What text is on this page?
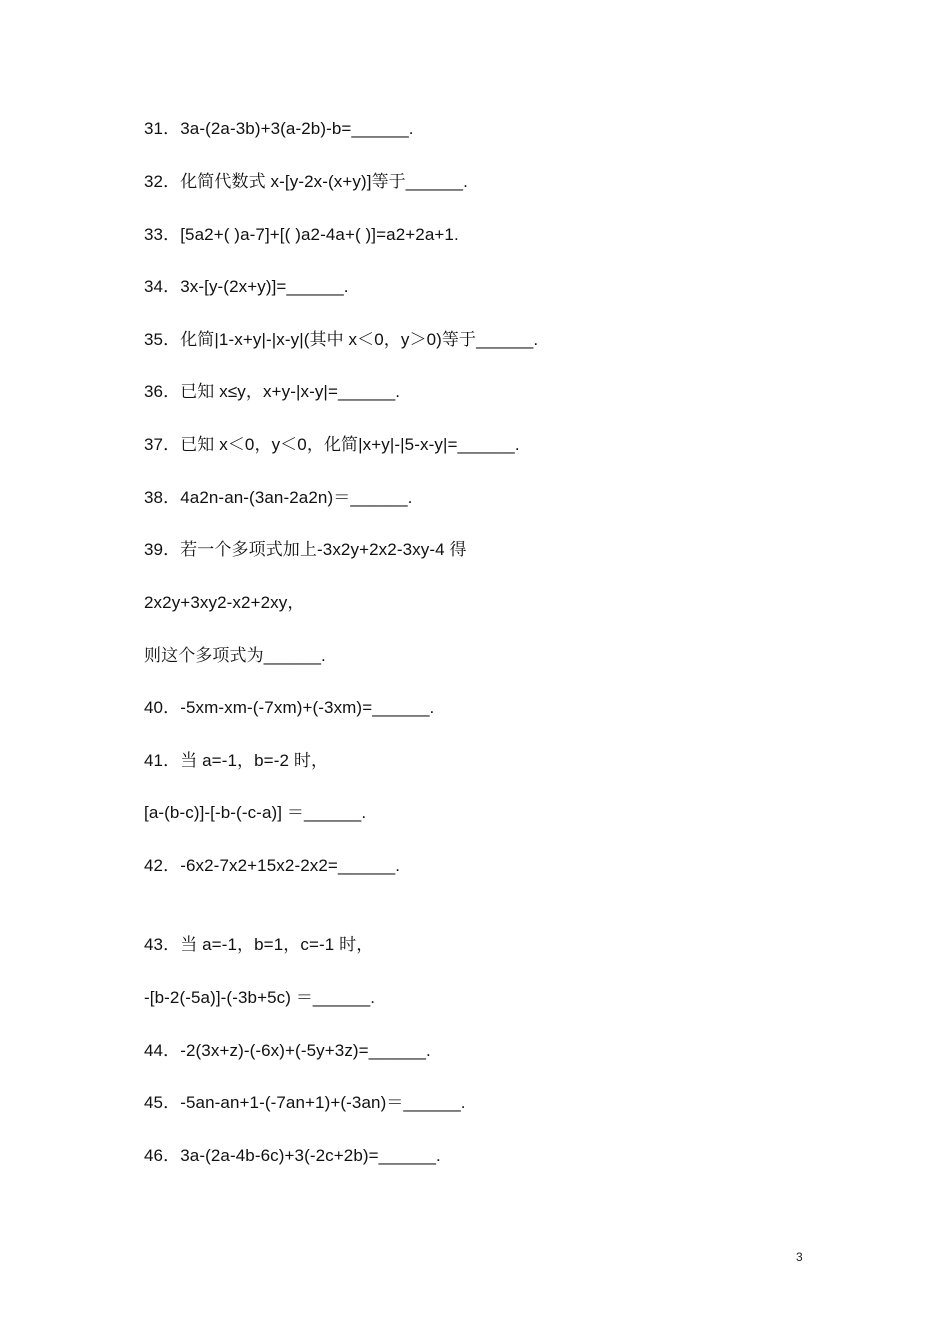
31．3a-(2a-3b)+3(a-2b)-b=______.
32．化简代数式 x-[y-2x-(x+y)]等于______.
33．[5a2+( )a-7]+[( )a2-4a+( )]=a2+2a+1.
34．3x-[y-(2x+y)]=______.
35．化简|1-x+y|-|x-y|(其中 x＜0，y＞0)等于______.
36．已知 x≤y，x+y-|x-y|=______.
37．已知 x＜0，y＜0，化简|x+y|-|5-x-y|=______.
38．4a2n-an-(3an-2a2n)＝______.
39．若一个多项式加上-3x2y+2x2-3xy-4 得
2x2y+3xy2-x2+2xy，
则这个多项式为______.
40．-5xm-xm-(-7xm)+(-3xm)=______.
41．当 a=-1，b=-2 时，
[a-(b-c)]-[-b-(-c-a)] ＝______.
42．-6x2-7x2+15x2-2x2=______.
43．当 a=-1，b=1，c=-1 时，
-[b-2(-5a)]-(-3b+5c) ＝______.
44．-2(3x+z)-(-6x)+(-5y+3z)=______.
45．-5an-an+1-(-7an+1)+(-3an)＝______.
46．3a-(2a-4b-6c)+3(-2c+2b)=______.
3
